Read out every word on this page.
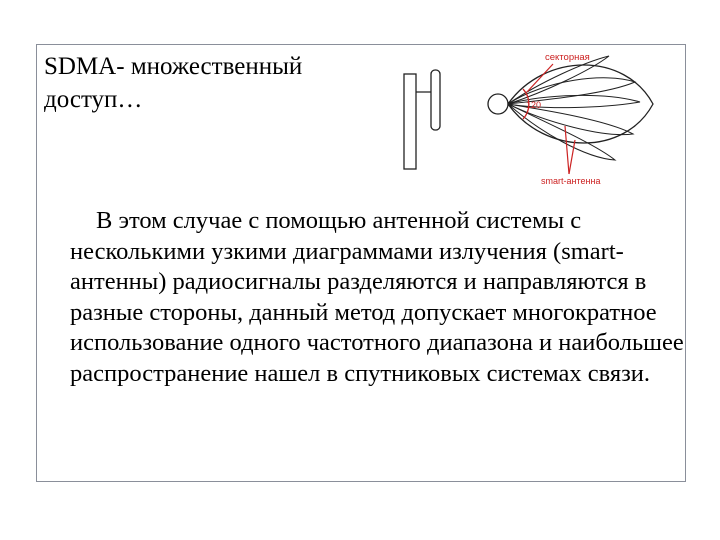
SDMA- множественный доступ…	120
секторная
smart-антенна
В этом случае с помощью антенной системы с несколькими узкими диаграммами излучения (smart-антенны) радиосигналы разделяются и направляются в разные стороны, данный метод допускает многократное использование одного частотного диапазона и наибольшее распространение нашел в спутниковых системах связи.
